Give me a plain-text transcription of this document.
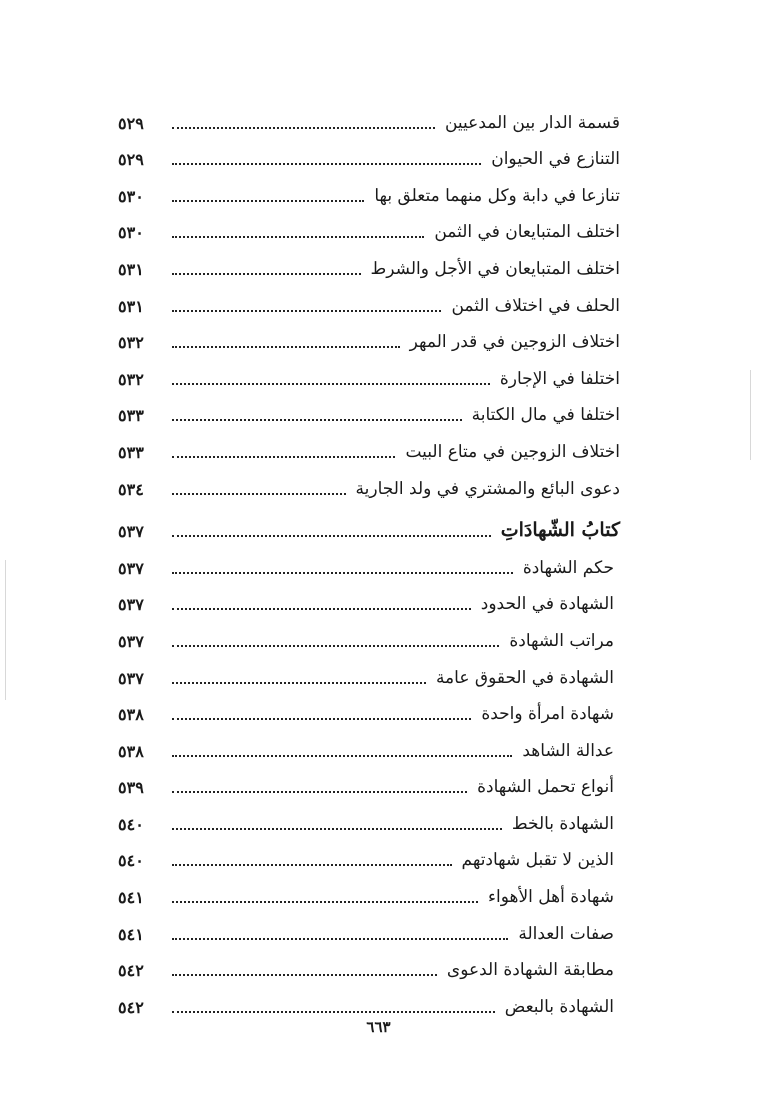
قسمة الدار بين المدعيين
٥٢٩
التنازع في الحيوان
٥٢٩
تنازعا في دابة وكل منهما متعلق بها
٥٣٠
اختلف المتبايعان في الثمن
٥٣٠
اختلف المتبايعان في الأجل والشرط
٥٣١
الحلف في اختلاف الثمن
٥٣١
اختلاف الزوجين في قدر المهر
٥٣٢
اختلفا في الإجارة
٥٣٢
اختلفا في مال الكتابة
٥٣٣
اختلاف الزوجين في متاع البيت
٥٣٣
دعوى البائع والمشتري في ولد الجارية
٥٣٤
كتابُ الشّهادَاتِ
٥٣٧
حكم الشهادة
٥٣٧
الشهادة في الحدود
٥٣٧
مراتب الشهادة
٥٣٧
الشهادة في الحقوق عامة
٥٣٧
شهادة امرأة واحدة
٥٣٨
عدالة الشاهد
٥٣٨
أنواع تحمل الشهادة
٥٣٩
الشهادة بالخط
٥٤٠
الذين لا تقبل شهادتهم
٥٤٠
شهادة أهل الأهواء
٥٤١
صفات العدالة
٥٤١
مطابقة الشهادة الدعوى
٥٤٢
الشهادة بالبعض
٥٤٢
٦٦٣
